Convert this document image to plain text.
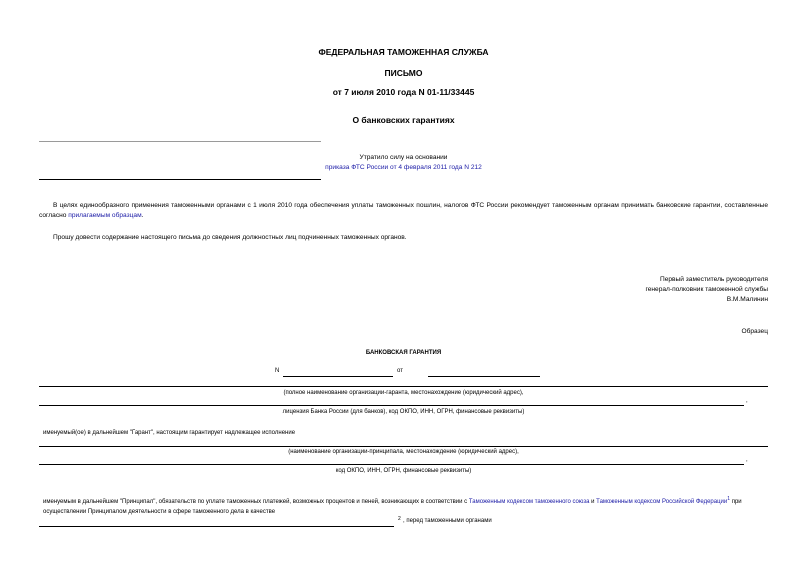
ФЕДЕРАЛЬНАЯ ТАМОЖЕННАЯ СЛУЖБА
ПИСЬМО
от 7 июля 2010 года N 01-11/33445
О банковских гарантиях
Утратило силу на основании
приказа ФТС России от 4 февраля 2011 года N 212
В целях единообразного применения таможенными органами с 1 июля 2010 года обеспечения уплаты таможенных пошлин, налогов ФТС России рекомендует таможенным органам принимать банковские гарантии, составленные согласно прилагаемым образцам.
Прошу довести содержание настоящего письма до сведения должностных лиц подчиненных таможенных органов.
Первый заместитель руководителя
генерал-полковник таможенной службы
В.М.Малинин
Образец
БАНКОВСКАЯ ГАРАНТИЯ
N	от
(полное наименование организации-гаранта, местонахождение (юридический адрес),
,
лицензия Банка России (для банков), код ОКПО, ИНН, ОГРН, финансовые реквизиты)
именуемый(ое) в дальнейшем "Гарант", настоящим гарантирует надлежащее исполнение
(наименование организации-принципала, местонахождение (юридический адрес),
,
код ОКПО, ИНН, ОГРН, финансовые реквизиты)
именуемым в дальнейшем "Принципал", обязательств по уплате таможенных платежей, возможных процентов и пеней, возникающих в соответствии с Таможенным кодексом таможенного союза и Таможенным кодексом Российской Федерации$^1$ при осуществлении Принципалом деятельности в сфере таможенного дела в качестве
2 , перед таможенными органами
